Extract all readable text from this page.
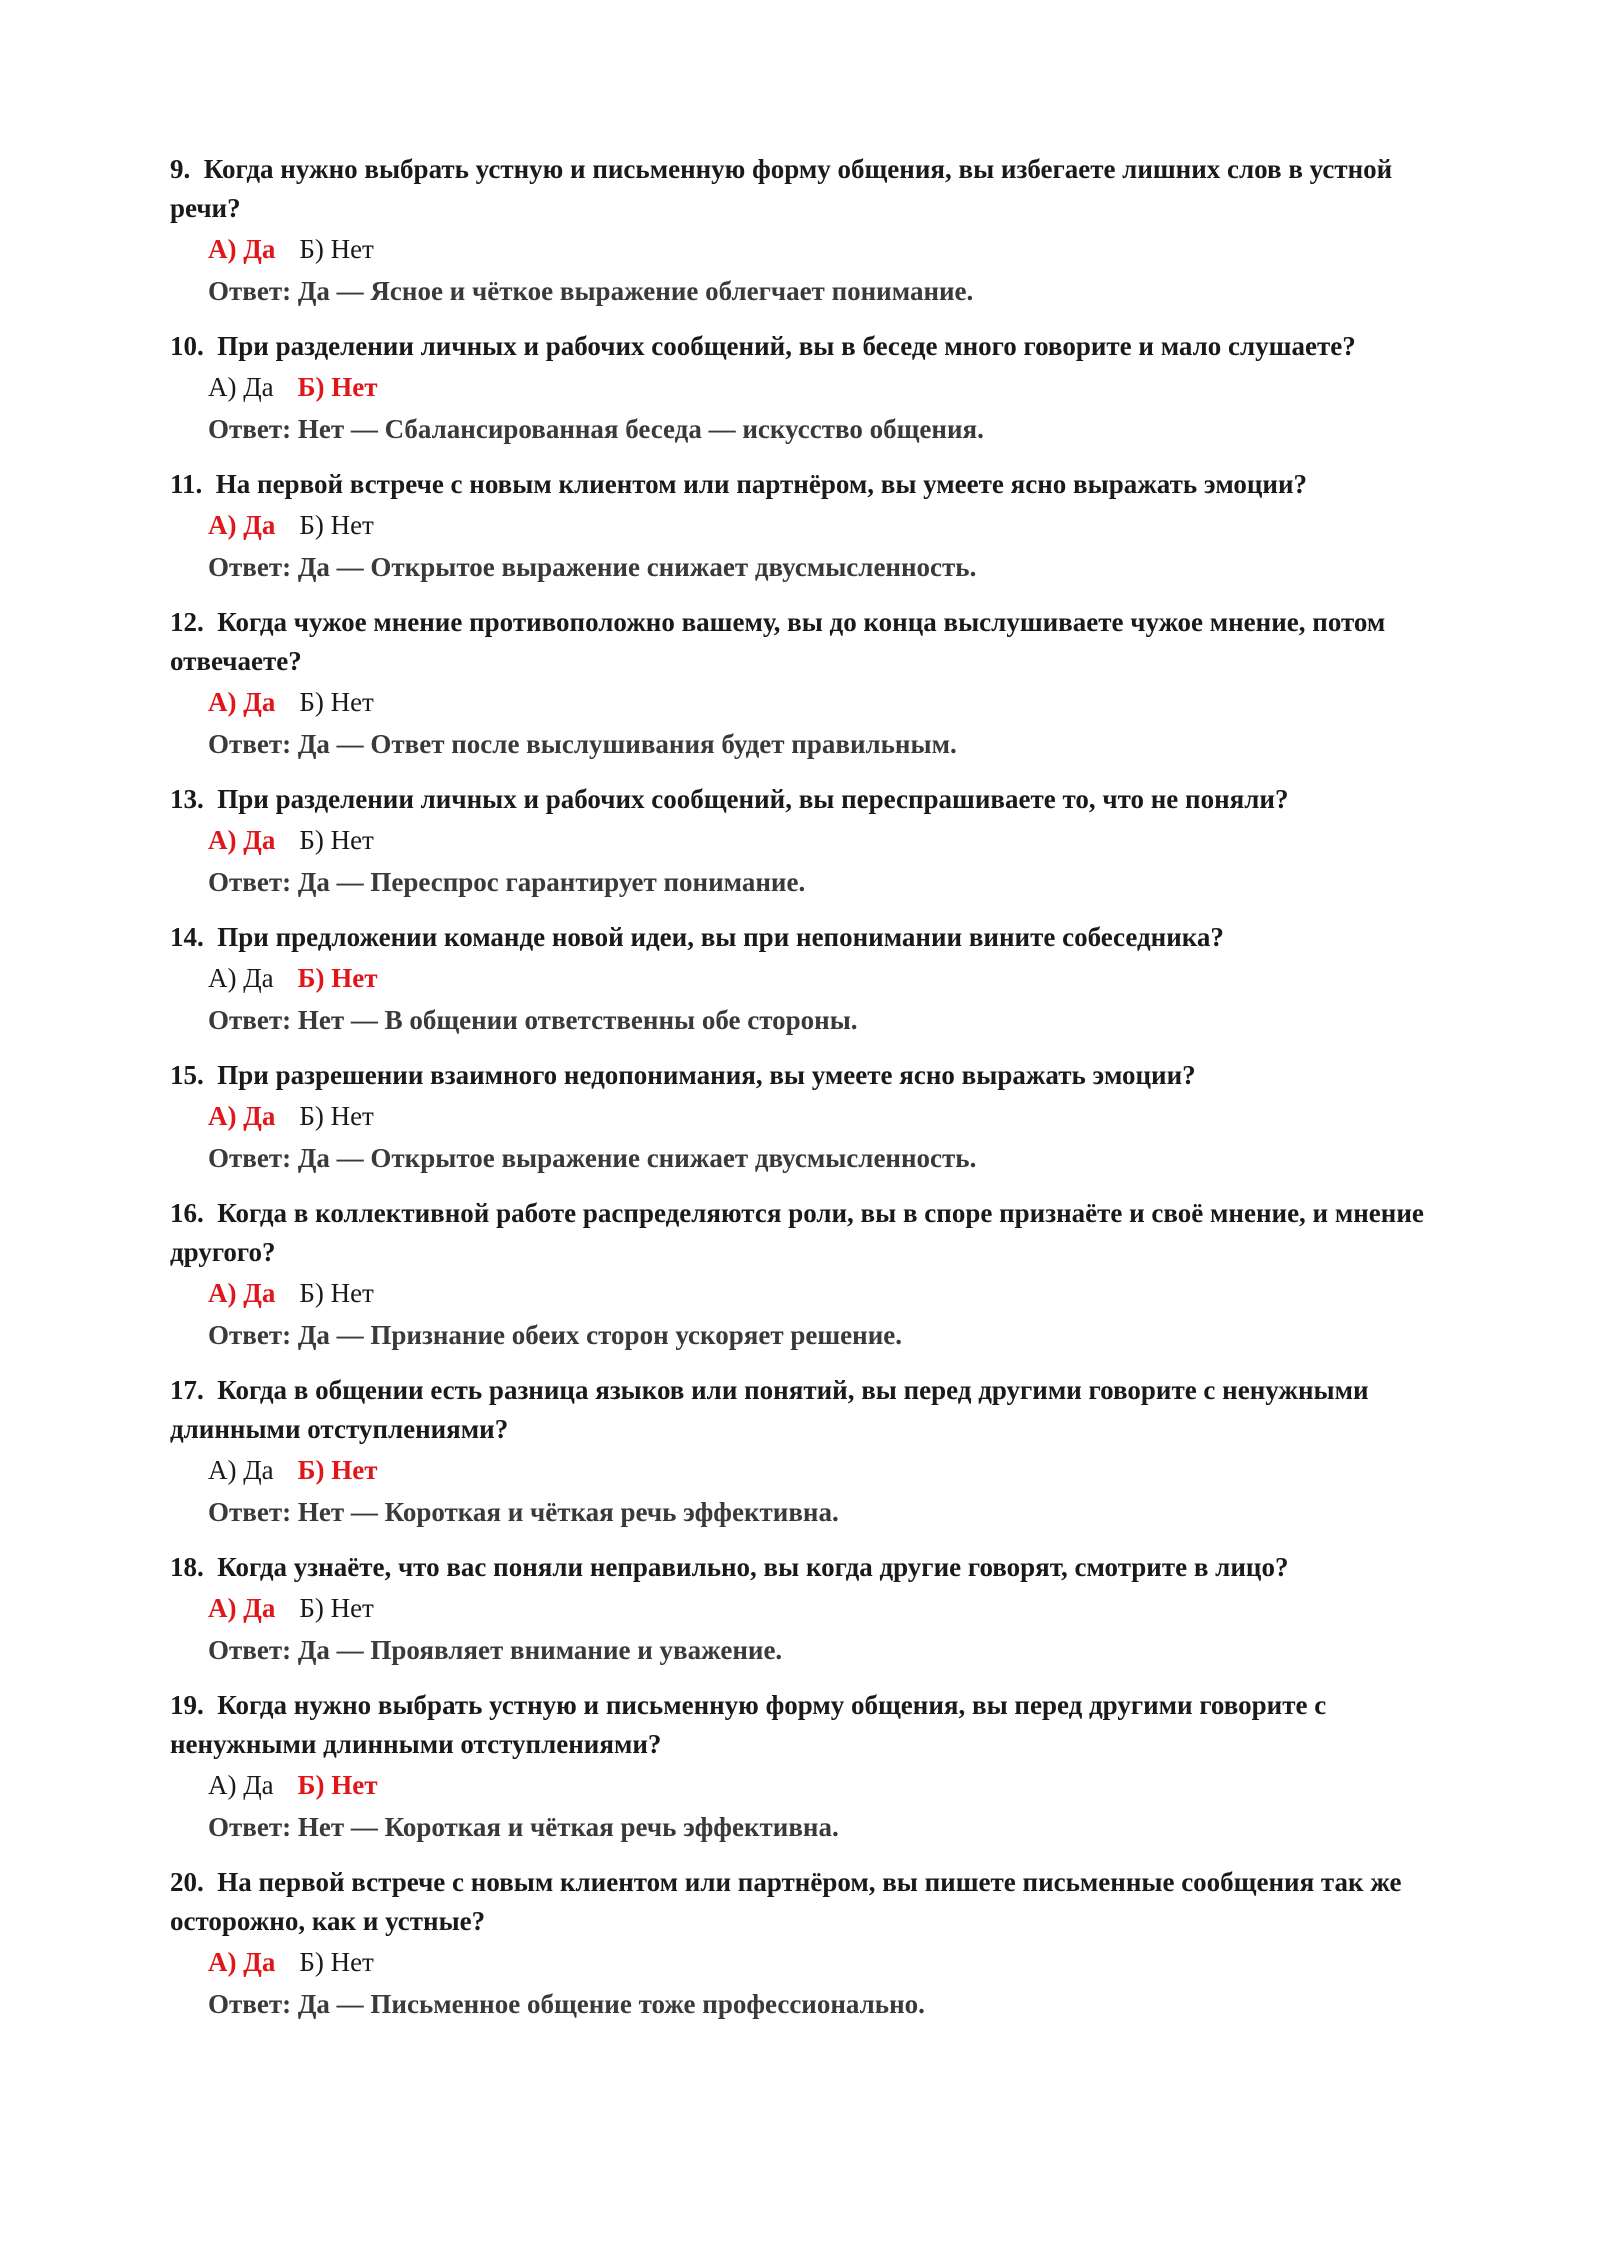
9. Когда нужно выбрать устную и письменную форму общения, вы избегаете лишних слов в устной речи?

А) Да Б) Нет

Ответ: Да — Ясное и чёткое выражение облегчает понимание.

10. При разделении личных и рабочих сообщений, вы в беседе много говорите и мало слушаете?

А) Да Б) Нет

Ответ: Нет — Сбалансированная беседа — искусство общения.

11. На первой встрече с новым клиентом или партнёром, вы умеете ясно выражать эмоции?

А) Да Б) Нет

Ответ: Да — Открытое выражение снижает двусмысленность.

12. Когда чужое мнение противоположно вашему, вы до конца выслушиваете чужое мнение, потом отвечаете?

А) Да Б) Нет

Ответ: Да — Ответ после выслушивания будет правильным.

13. При разделении личных и рабочих сообщений, вы переспрашиваете то, что не поняли?

А) Да Б) Нет

Ответ: Да — Переспрос гарантирует понимание.

14. При предложении команде новой идеи, вы при непонимании вините собеседника?

А) Да Б) Нет

Ответ: Нет — В общении ответственны обе стороны.

15. При разрешении взаимного недопонимания, вы умеете ясно выражать эмоции?

А) Да Б) Нет

Ответ: Да — Открытое выражение снижает двусмысленность.

16. Когда в коллективной работе распределяются роли, вы в споре признаёте и своё мнение, и мнение другого?

А) Да Б) Нет

Ответ: Да — Признание обеих сторон ускоряет решение.

17. Когда в общении есть разница языков или понятий, вы перед другими говорите с ненужными длинными отступлениями?

А) Да Б) Нет

Ответ: Нет — Короткая и чёткая речь эффективна.

18. Когда узнаёте, что вас поняли неправильно, вы когда другие говорят, смотрите в лицо?

А) Да Б) Нет

Ответ: Да — Проявляет внимание и уважение.

19. Когда нужно выбрать устную и письменную форму общения, вы перед другими говорите с ненужными длинными отступлениями?

А) Да Б) Нет

Ответ: Нет — Короткая и чёткая речь эффективна.

20. На первой встрече с новым клиентом или партнёром, вы пишете письменные сообщения так же осторожно, как и устные?

А) Да Б) Нет

Ответ: Да — Письменное общение тоже профессионально.
